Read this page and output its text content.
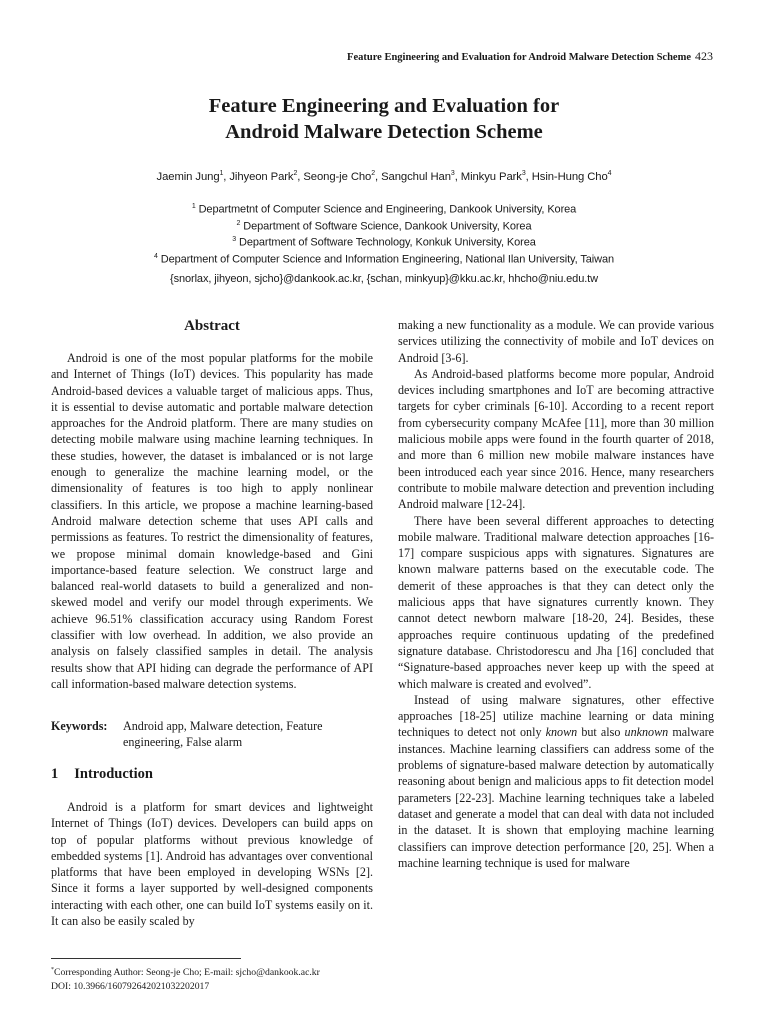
Feature Engineering and Evaluation for Android Malware Detection Scheme 423
Feature Engineering and Evaluation for
Android Malware Detection Scheme
Jaemin Jung$^1$, Jihyeon Park$^2$, Seong-je Cho$^2$, Sangchul Han$^3$, Minkyu Park$^3$, Hsin-Hung Cho$^4$
$^1$ Departmetnt of Computer Science and Engineering, Dankook University, Korea
$^2$ Department of Software Science, Dankook University, Korea
$^3$ Department of Software Technology, Konkuk University, Korea
$^4$ Department of Computer Science and Information Engineering, National Ilan University, Taiwan
{snorlax, jihyeon, sjcho}@dankook.ac.kr, {schan, minkyup}@kku.ac.kr, hhcho@niu.edu.tw
Abstract

Android is one of the most popular platforms for the mobile and Internet of Things (IoT) devices. This popularity has made Android-based devices a valuable target of malicious apps. Thus, it is essential to devise automatic and portable malware detection approaches for the Android platform. There are many studies on detecting mobile malware using machine learning techniques. In these studies, however, the dataset is imbalanced or is not large enough to generalize the machine learning model, or the dimensionality of features is too high to apply nonlinear classifiers. In this article, we propose a machine learning-based Android malware detection scheme that uses API calls and permissions as features. To restrict the dimensionality of features, we propose minimal domain knowledge-based and Gini importance-based feature selection. We construct large and balanced real-world datasets to build a generalized and non-skewed model and verify our model through experiments. We achieve 96.51% classification accuracy using Random Forest classifier with low overhead. In addition, we also provide an analysis on falsely classified samples in detail. The analysis results show that API hiding can degrade the performance of API call information-based malware detection systems.

Keywords: Android app, Malware detection, Feature engineering, False alarm
1 Introduction

Android is a platform for smart devices and lightweight Internet of Things (IoT) devices. Developers can build apps on top of popular platforms without previous knowledge of embedded systems [1]. Android has advantages over conventional platforms that have been employed in developing WSNs [2]. Since it forms a layer supported by well-designed components interacting with each other, one can build IoT systems easily on it. It can also be easily scaled by

making a new functionality as a module. We can provide various services utilizing the connectivity of mobile and IoT devices on Android [3-6].

As Android-based platforms become more popular, Android devices including smartphones and IoT are becoming attractive targets for cyber criminals [6-10]. According to a recent report from cybersecurity company McAfee [11], more than 30 million malicious mobile apps were found in the fourth quarter of 2018, and more than 6 million new mobile malware instances have been introduced each year since 2016. Hence, many researchers contribute to mobile malware detection and prevention including Android malware [12-24].

There have been several different approaches to detecting mobile malware. Traditional malware detection approaches [16-17] compare suspicious apps with signatures. Signatures are known malware patterns based on the executable code. The demerit of these approaches is that they can detect only the malicious apps that have signatures currently known. They cannot detect newborn malware [18-20, 24]. Besides, these approaches require continuous updating of the predefined signature database. Christodorescu and Jha [16] concluded that “Signature-based approaches never keep up with the speed at which malware is created and evolved”.

Instead of using malware signatures, other effective approaches [18-25] utilize machine learning or data mining techniques to detect not only known but also unknown malware instances. Machine learning classifiers can address some of the problems of signature-based malware detection by automatically reasoning about benign and malicious apps to fit detection model parameters [22-23]. Machine learning techniques take a labeled dataset and generate a model that can deal with data not included in the dataset. It is shown that employing machine learning classifiers can improve detection performance [20, 25]. When a machine learning technique is used for malware

*Corresponding Author: Seong-je Cho; E-mail: sjcho@dankook.ac.kr
DOI: 10.3966/160792642021032202017
